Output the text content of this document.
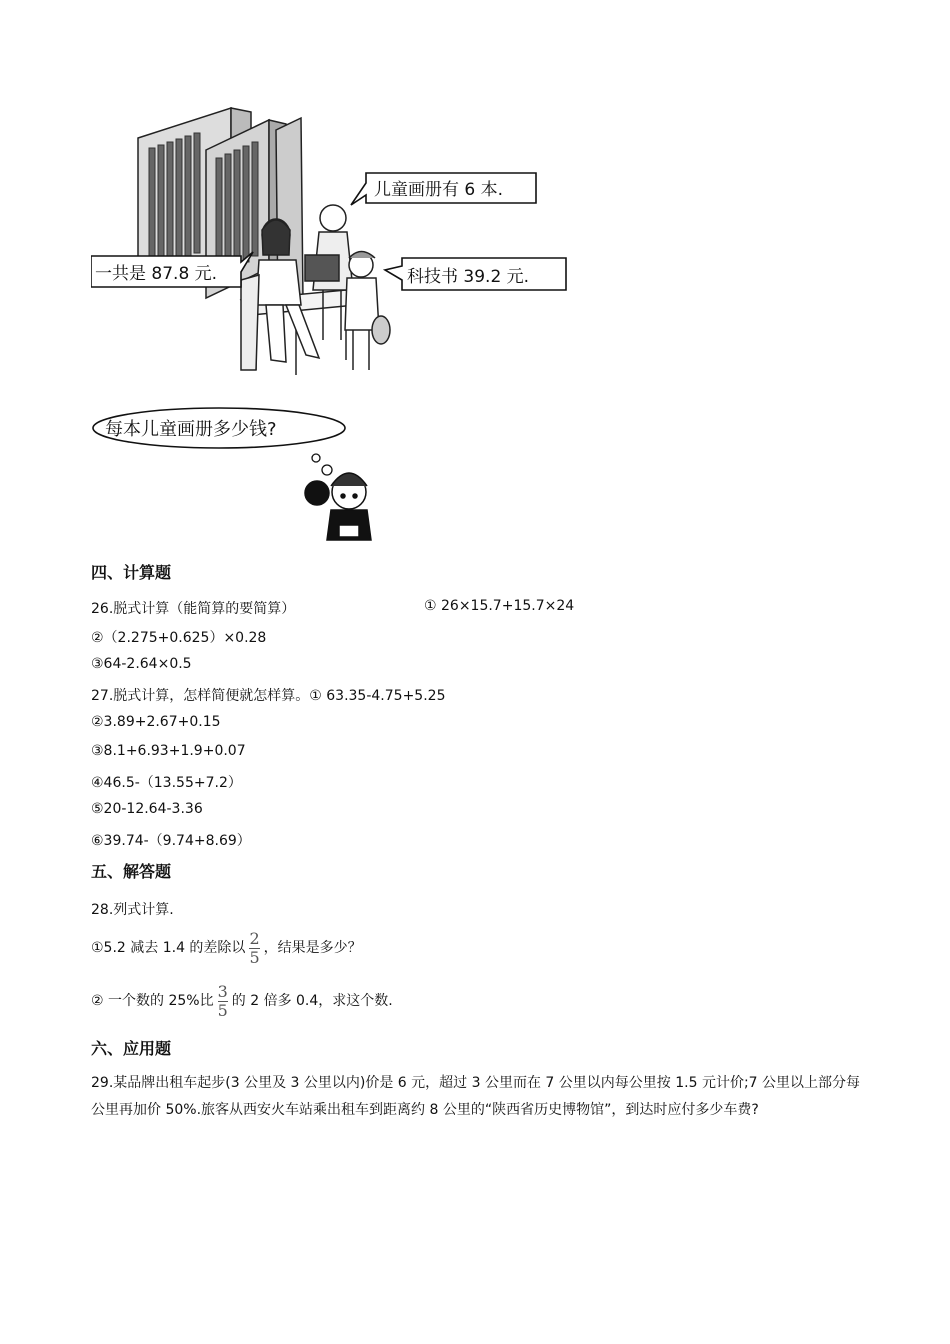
儿童画册有 6 本.
一共是 87.8 元.	科技书 39.2 元.
每本儿童画册多少钱?
四、计算题
26.脱式计算（能简算的要简算）	① 26×15.7+15.7×24
②（2.275+0.625）×0.28
③64-2.64×0.5
27.脱式计算，怎样简便就怎样算。① 63.35-4.75+5.25
②3.89+2.67+0.15
③8.1+6.93+1.9+0.07
④46.5-（13.55+7.2）
⑤20-12.64-3.36
⑥39.74-（9.74+8.69）
五、解答题
28.列式计算.
①5.2 减去 1.4 的差除以 $\frac{2}{5}$ ，结果是多少？
② 一个数的 25%比 $\frac{3}{5}$ 的 2 倍多 0.4，求这个数.
六、应用题
29.某品牌出租车起步(3 公里及 3 公里以内)价是 6 元，超过 3 公里而在 7 公里以内每公里按 1.5 元计价;7 公里以上部分每公里再加价 50%.旅客从西安火车站乘出租车到距离约 8 公里的“陕西省历史博物馆”，到达时应付多少车费?
